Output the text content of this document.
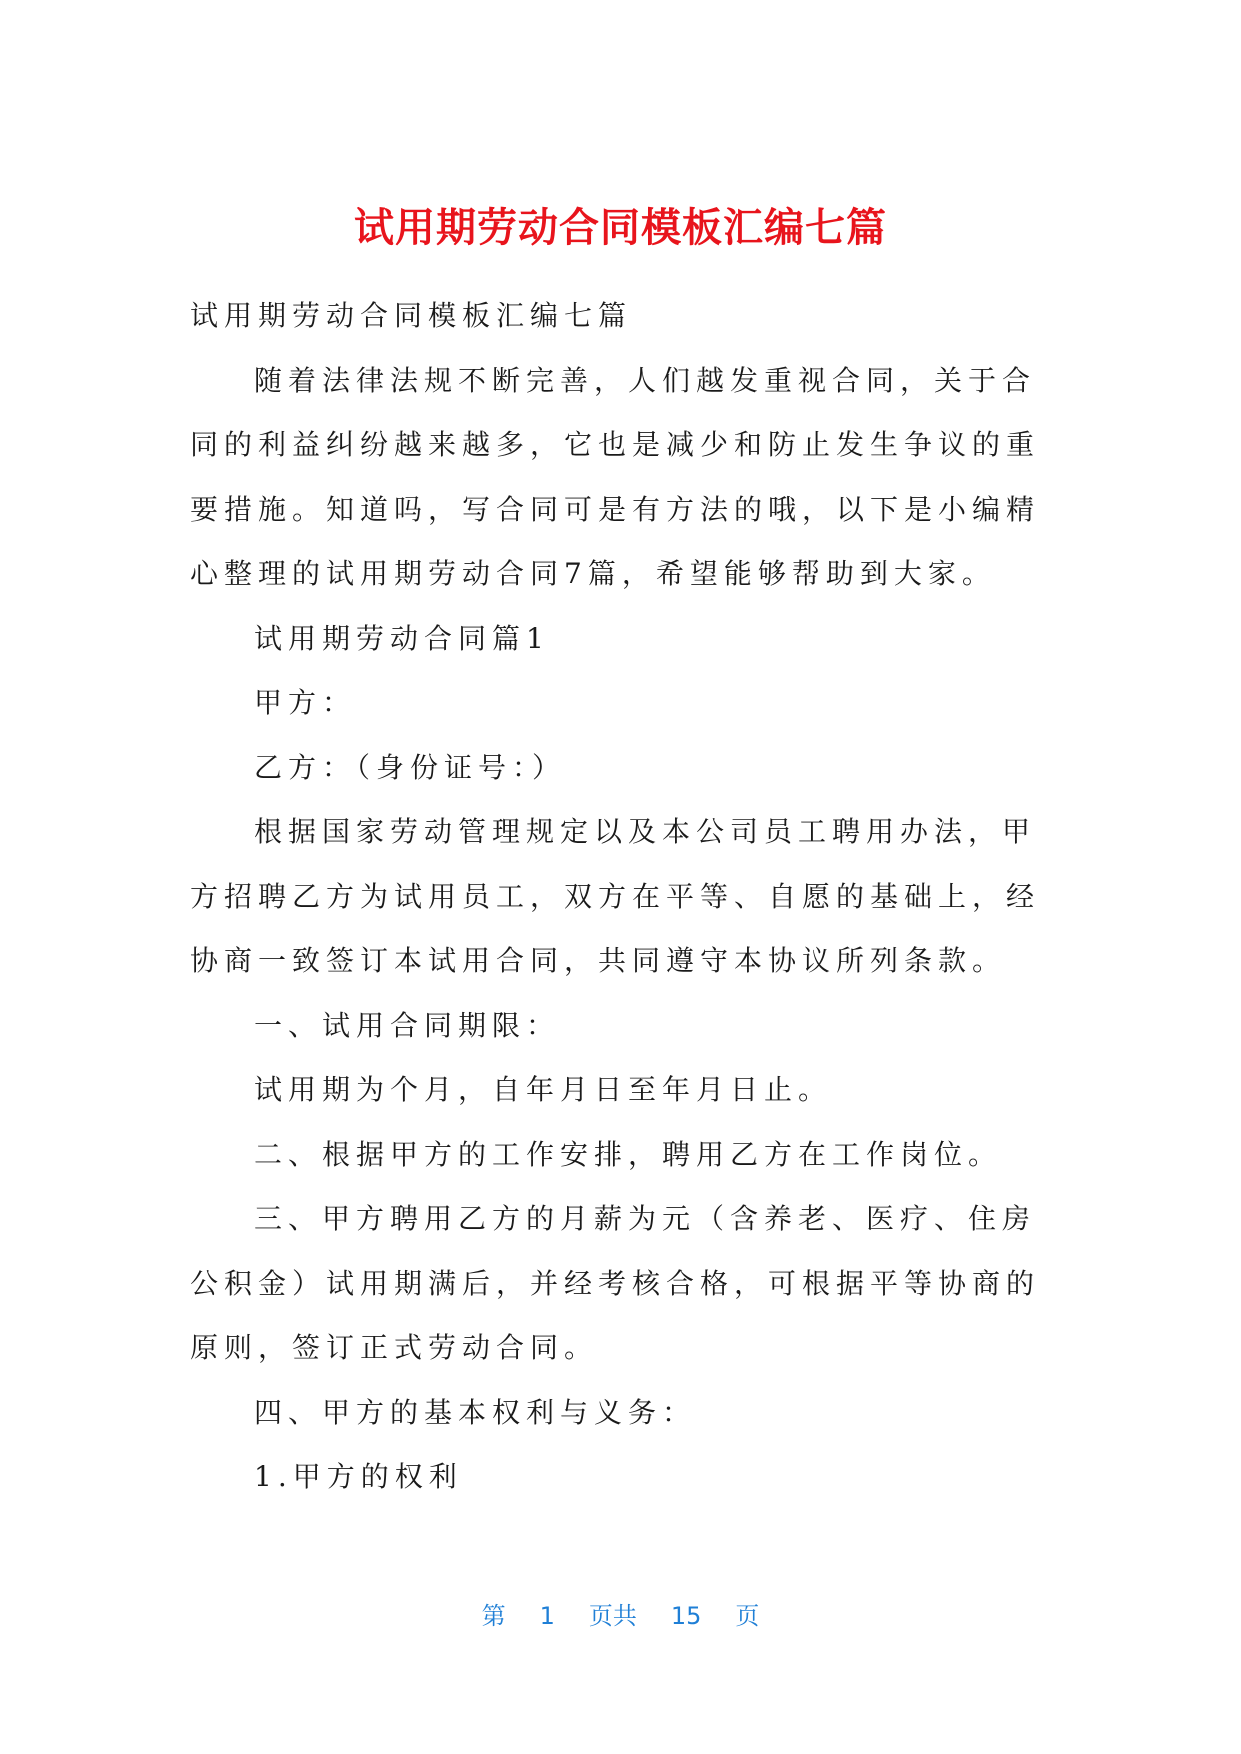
试用期劳动合同模板汇编七篇

试用期劳动合同模板汇编七篇

随着法律法规不断完善，人们越发重视合同，关于合同的利益纠纷越来越多，它也是减少和防止发生争议的重要措施。知道吗，写合同可是有方法的哦，以下是小编精心整理的试用期劳动合同7篇，希望能够帮助到大家。

试用期劳动合同篇1

甲方：

乙方：（身份证号：）

根据国家劳动管理规定以及本公司员工聘用办法，甲方招聘乙方为试用员工，双方在平等、自愿的基础上，经协商一致签订本试用合同，共同遵守本协议所列条款。

一、试用合同期限：

试用期为个月，自年月日至年月日止。

二、根据甲方的工作安排，聘用乙方在工作岗位。

三、甲方聘用乙方的月薪为元（含养老、医疗、住房公积金）试用期满后，并经考核合格，可根据平等协商的原则，签订正式劳动合同。

四、甲方的基本权利与义务：

1.甲方的权利

第 1 页共 15 页
